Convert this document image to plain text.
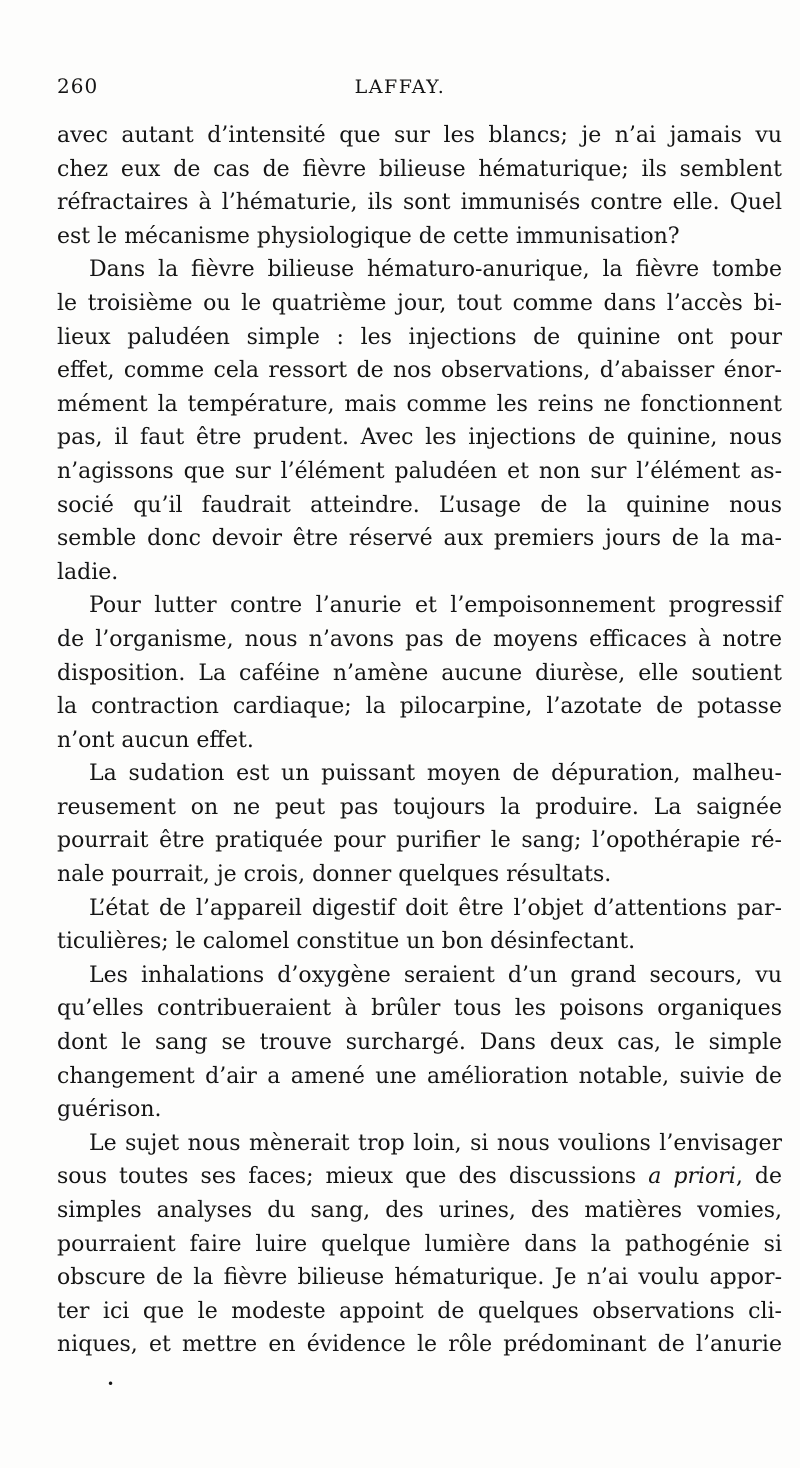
260	LAFFAY.
avec autant d’intensité que sur les blancs; je n’ai jamais vu
chez eux de cas de fièvre bilieuse hématurique; ils semblent
réfractaires à l’hématurie, ils sont immunisés contre elle. Quel
est le mécanisme physiologique de cette immunisation?
Dans la fièvre bilieuse hématuro-anurique, la fièvre tombe
le troisième ou le quatrième jour, tout comme dans l’accès bi-
lieux paludéen simple : les injections de quinine ont pour
effet, comme cela ressort de nos observations, d’abaisser énor-
mément la température, mais comme les reins ne fonctionnent
pas, il faut être prudent. Avec les injections de quinine, nous
n’agissons que sur l’élément paludéen et non sur l’élément as-
socié qu’il faudrait atteindre. L’usage de la quinine nous
semble donc devoir être réservé aux premiers jours de la ma-
ladie.
Pour lutter contre l’anurie et l’empoisonnement progressif
de l’organisme, nous n’avons pas de moyens efficaces à notre
disposition. La caféine n’amène aucune diurèse, elle soutient
la contraction cardiaque; la pilocarpine, l’azotate de potasse
n’ont aucun effet.
La sudation est un puissant moyen de dépuration, malheu-
reusement on ne peut pas toujours la produire. La saignée
pourrait être pratiquée pour purifier le sang; l’opothérapie ré-
nale pourrait, je crois, donner quelques résultats.
L’état de l’appareil digestif doit être l’objet d’attentions par-
ticulières; le calomel constitue un bon désinfectant.
Les inhalations d’oxygène seraient d’un grand secours, vu
qu’elles contribueraient à brûler tous les poisons organiques
dont le sang se trouve surchargé. Dans deux cas, le simple
changement d’air a amené une amélioration notable, suivie de
guérison.
Le sujet nous mènerait trop loin, si nous voulions l’envisager
sous toutes ses faces; mieux que des discussions a priori, de
simples analyses du sang, des urines, des matières vomies,
pourraient faire luire quelque lumière dans la pathogénie si
obscure de la fièvre bilieuse hématurique. Je n’ai voulu appor-
ter ici que le modeste appoint de quelques observations cli-
niques, et mettre en évidence le rôle prédominant de l’anurie
•
